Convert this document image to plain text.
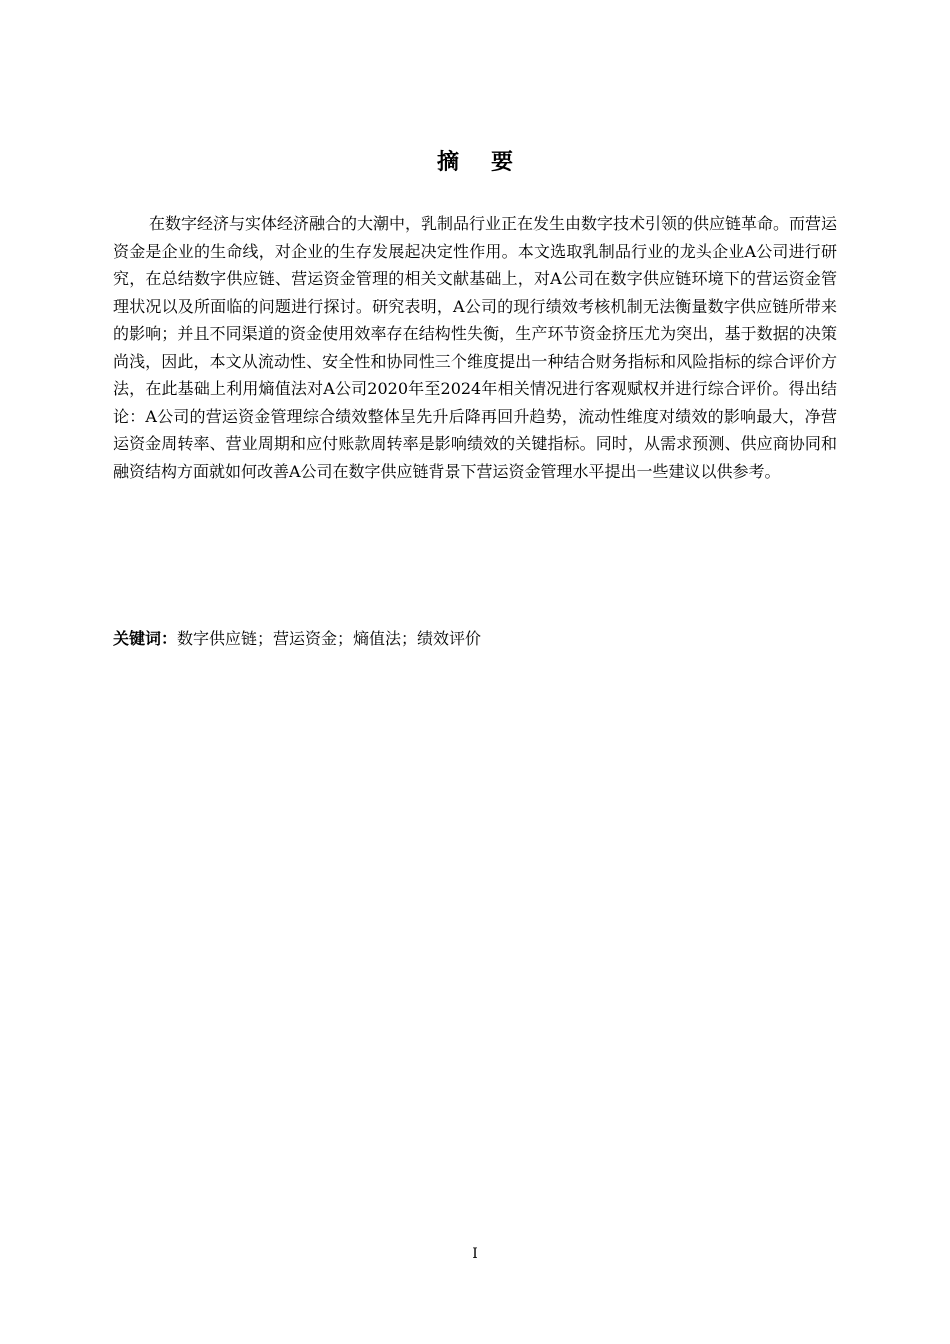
摘要

在数字经济与实体经济融合的大潮中，乳制品行业正在发生由数字技术引领的供应链革命。而营运资金是企业的生命线，对企业的生存发展起决定性作用。本文选取乳制品行业的龙头企业A公司进行研究，在总结数字供应链、营运资金管理的相关文献基础上，对A公司在数字供应链环境下的营运资金管理状况以及所面临的问题进行探讨。研究表明，A公司的现行绩效考核机制无法衡量数字供应链所带来的影响；并且不同渠道的资金使用效率存在结构性失衡，生产环节资金挤压尤为突出，基于数据的决策尚浅，因此，本文从流动性、安全性和协同性三个维度提出一种结合财务指标和风险指标的综合评价方法，在此基础上利用熵值法对A公司2020年至2024年相关情况进行客观赋权并进行综合评价。得出结论：A公司的营运资金管理综合绩效整体呈先升后降再回升趋势，流动性维度对绩效的影响最大，净营运资金周转率、营业周期和应付账款周转率是影响绩效的关键指标。同时，从需求预测、供应商协同和融资结构方面就如何改善A公司在数字供应链背景下营运资金管理水平提出一些建议以供参考。

关键词：数字供应链；营运资金；熵值法；绩效评价

I
